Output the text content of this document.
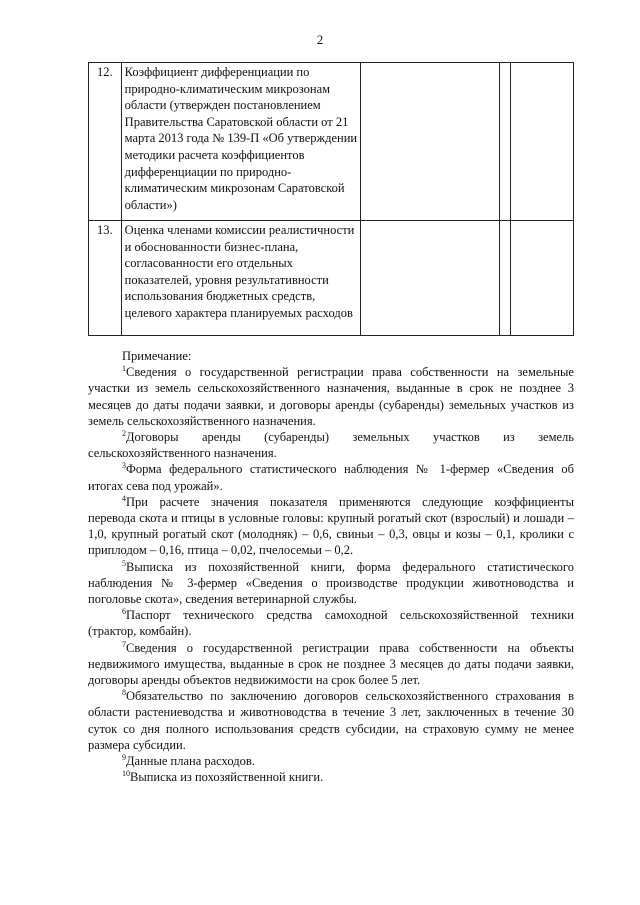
2
12.	Коэффициент дифференциации по природно-климатическим микрозонам области (утвержден постановлением Правительства Саратовской области от 21 марта 2013 года № 139-П «Об утверждении методики расчета коэффициентов дифференциации по природно-климатическим микрозонам Саратовской области»)			
13.	Оценка членами комиссии реалистичности и обоснованности бизнес-плана, согласованности его отдельных показателей, уровня результативности использования бюджетных средств, целевого характера планируемых расходов			

Примечание:

$^1$Сведения о государственной регистрации права собственности на земельные участки из земель сельскохозяйственного назначения, выданные в срок не позднее 3 месяцев до даты подачи заявки, и договоры аренды (субаренды) земельных участков из земель сельскохозяйственного назначения.

$^2$Договоры аренды (субаренды) земельных участков из земель сельскохозяйственного назначения.

$^3$Форма федерального статистического наблюдения № 1-фермер «Сведения об итогах сева под урожай».

$^4$При расчете значения показателя применяются следующие коэффициенты перевода скота и птицы в условные головы: крупный рогатый скот (взрослый) и лошади – 1,0, крупный рогатый скот (молодняк) – 0,6, свиньи – 0,3, овцы и козы – 0,1, кролики с приплодом – 0,16, птица – 0,02, пчелосемьи – 0,2.

$^5$Выписка из похозяйственной книги, форма федерального статистического наблюдения № 3-фермер «Сведения о производстве продукции животноводства и поголовье скота», сведения ветеринарной службы.

$^6$Паспорт технического средства самоходной сельскохозяйственной техники (трактор, комбайн).

$^7$Сведения о государственной регистрации права собственности на объекты недвижимого имущества, выданные в срок не позднее 3 месяцев до даты подачи заявки, договоры аренды объектов недвижимости на срок более 5 лет.

$^8$Обязательство по заключению договоров сельскохозяйственного страхования в области растениеводства и животноводства в течение 3 лет, заключенных в течение 30 суток со дня полного использования средств субсидии, на страховую сумму не менее размера субсидии.

$^9$Данные плана расходов.

$^{10}$Выписка из похозяйственной книги.
